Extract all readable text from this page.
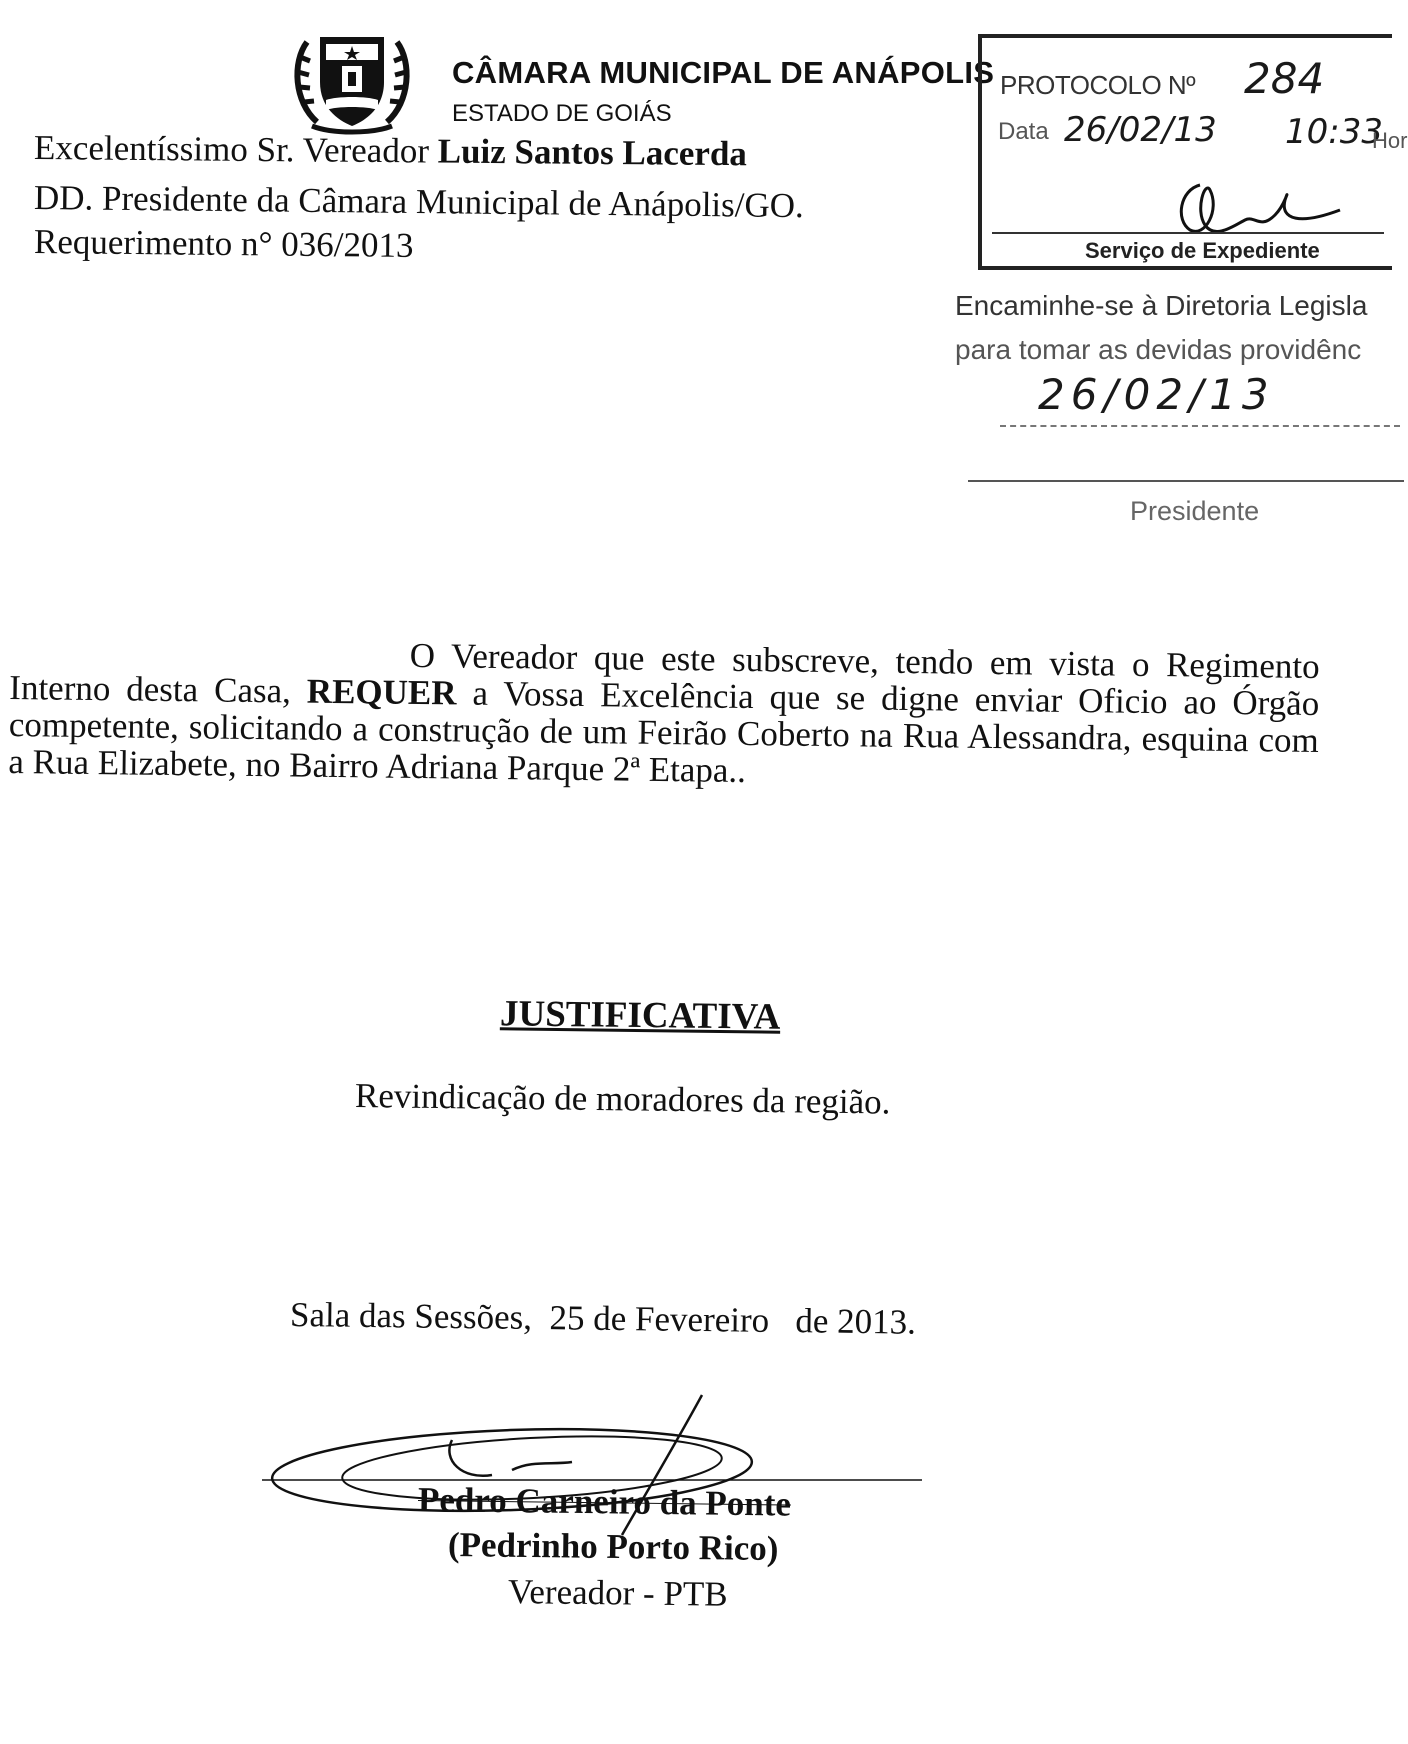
CÂMARA MUNICIPAL DE ANÁPOLIS
ESTADO DE GOIÁS
Excelentíssimo Sr. Vereador Luiz Santos Lacerda
DD. Presidente da Câmara Municipal de Anápolis/GO.
Requerimento n° 036/2013
PROTOCOLO Nº 284
Data 26/02/13 10:33
Hor
Serviço de Expediente
Encaminhe-se à Diretoria Legisla
para tomar as devidas providênc
26/02/13
Presidente

O Vereador que este subscreve, tendo em vista o Regimento Interno desta Casa, REQUER a Vossa Excelência que se digne enviar Oficio ao Órgão competente, solicitando a construção de um Feirão Coberto na Rua Alessandra, esquina com a Rua Elizabete, no Bairro Adriana Parque 2ª Etapa..

JUSTIFICATIVA
Revindicação de moradores da região.
Sala das Sessões,  25 de Fevereiro   de 2013.
Pedro Carneiro da Ponte
(Pedrinho Porto Rico)
Vereador - PTB
